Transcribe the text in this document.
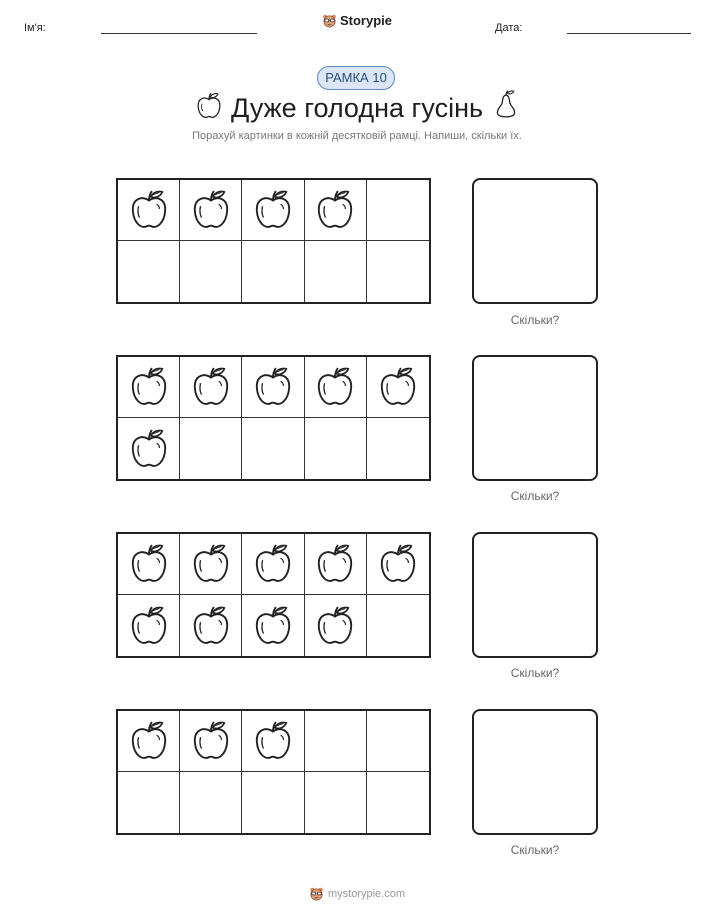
Ім'я:	Storypie	Дата:
РАМКА 10
Дуже голодна гусінь
Порахуй картинки в кожній десятковій рамці. Напиши, скільки їх.
Скільки?
Скільки?
Скільки?
Скільки?
mystorypie.com
